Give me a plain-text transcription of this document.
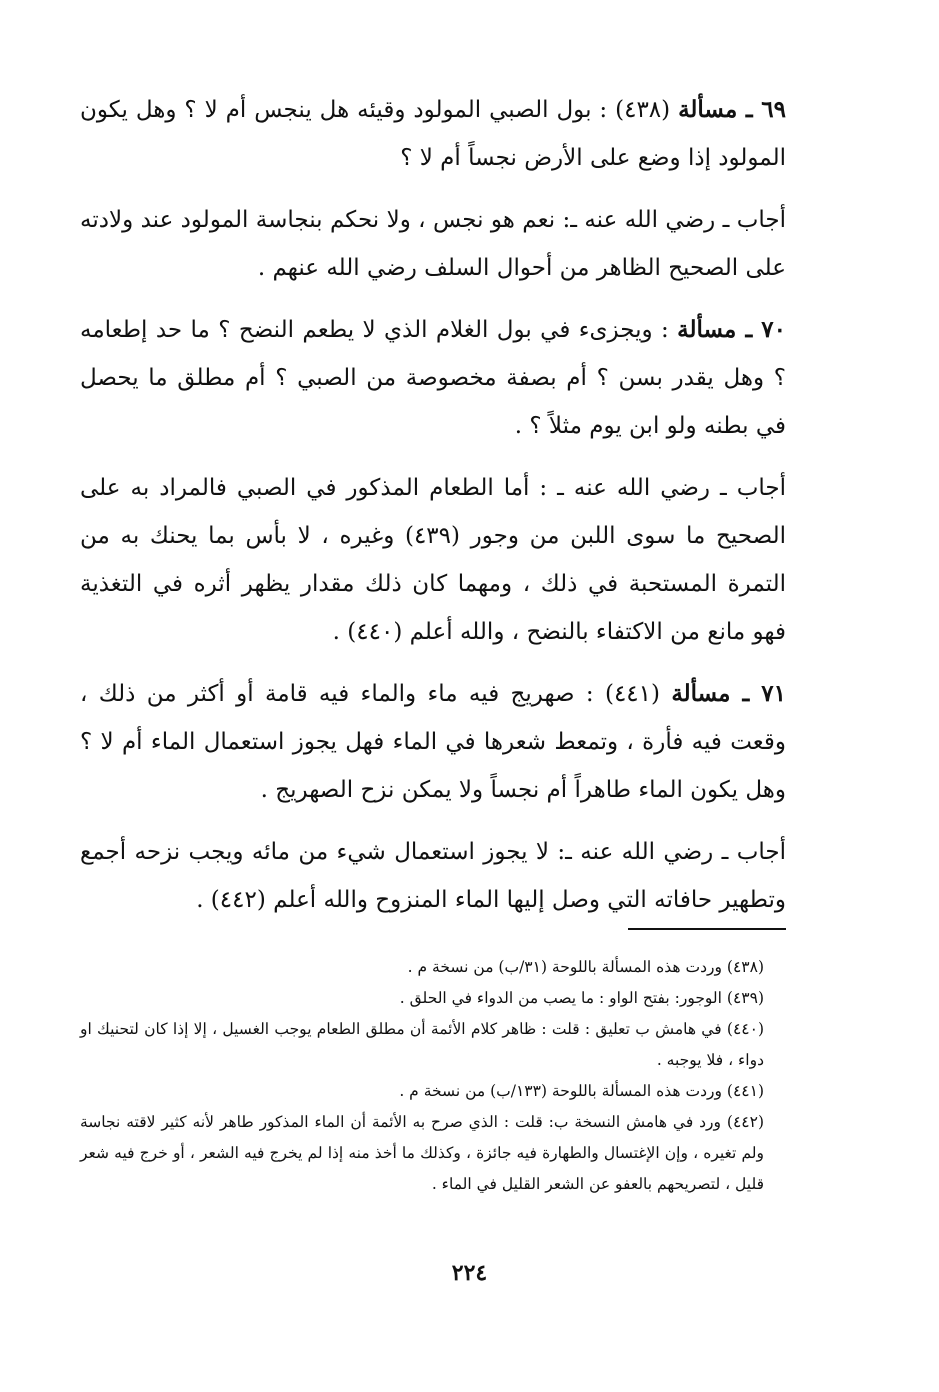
٦٩ ـ مسألة (٤٣٨) : بول الصبي المولود وقيئه هل ينجس أم لا ؟ وهل يكون المولود إذا وضع على الأرض نجساً أم لا ؟

أجاب ـ رضي الله عنه ـ: نعم هو نجس ، ولا نحكم بنجاسة المولود عند ولادته على الصحيح الظاهر من أحوال السلف رضي الله عنهم .

٧٠ ـ مسألة : ويجزىء في بول الغلام الذي لا يطعم النضح ؟ ما حد إطعامه ؟ وهل يقدر بسن ؟ أم بصفة مخصوصة من الصبي ؟ أم مطلق ما يحصل في بطنه ولو ابن يوم مثلاً ؟ .

أجاب ـ رضي الله عنه ـ : أما الطعام المذكور في الصبي فالمراد به على الصحيح ما سوى اللبن من وجور (٤٣٩) وغيره ، لا بأس بما يحنك به من التمرة المستحبة في ذلك ، ومهما كان ذلك مقدار يظهر أثره في التغذية فهو مانع من الاكتفاء بالنضح ، والله أعلم (٤٤٠) .

٧١ ـ مسألة (٤٤١) : صهريج فيه ماء والماء فيه قامة أو أكثر من ذلك ، وقعت فيه فأرة ، وتمعط شعرها في الماء فهل يجوز استعمال الماء أم لا ؟ وهل يكون الماء طاهراً أم نجساً ولا يمكن نزح الصهريج .

أجاب ـ رضي الله عنه ـ: لا يجوز استعمال شيء من مائه ويجب نزحه أجمع وتطهير حافاته التي وصل إليها الماء المنزوح والله أعلم (٤٤٢) .

(٤٣٨) وردت هذه المسألة باللوحة (٣١/ب) من نسخة م .

(٤٣٩) الوجور: بفتح الواو : ما يصب من الدواء في الحلق .

(٤٤٠) في هامش ب تعليق : قلت : ظاهر كلام الأئمة أن مطلق الطعام يوجب الغسيل ، إلا إذا كان لتحنيك او دواء ، فلا يوجبه .

(٤٤١) وردت هذه المسألة باللوحة (١٣٣/ب) من نسخة م .

(٤٤٢) ورد في هامش النسخة ب: قلت : الذي صرح به الأئمة أن الماء المذكور طاهر لأنه كثير لاقته نجاسة ولم تغيره ، وإن الإغتسال والطهارة فيه جائزة ، وكذلك ما أخذ منه إذا لم يخرج فيه الشعر ، أو خرج فيه شعر قليل ، لتصريحهم بالعفو عن الشعر القليل في الماء .

٢٢٤
